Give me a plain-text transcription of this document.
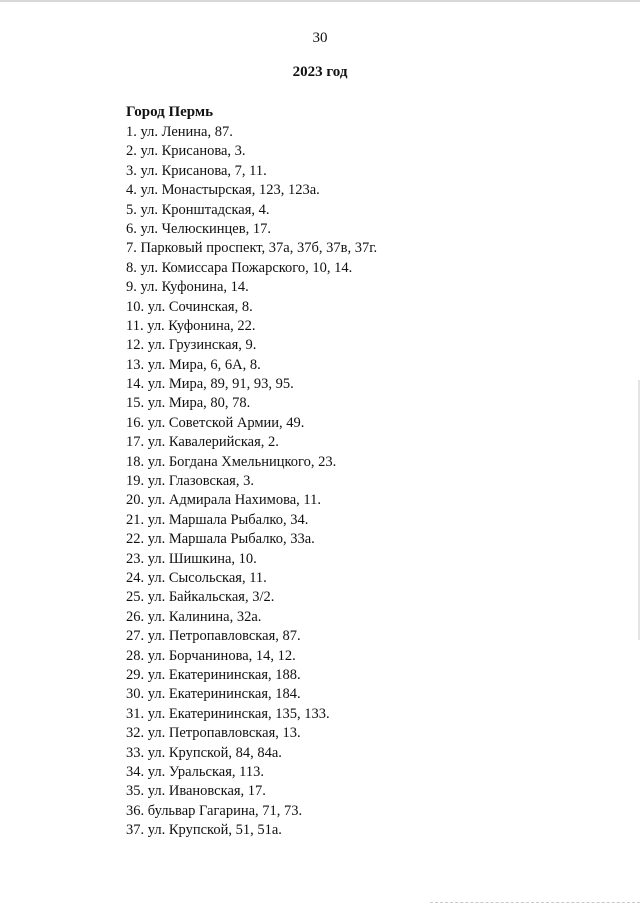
30
2023 год
Город Пермь
1. ул. Ленина, 87.
2. ул. Крисанова, 3.
3. ул. Крисанова, 7, 11.
4. ул. Монастырская, 123, 123а.
5. ул. Кронштадская, 4.
6. ул. Челюскинцев, 17.
7. Парковый проспект, 37а, 37б, 37в, 37г.
8. ул. Комиссара Пожарского, 10, 14.
9. ул. Куфонина, 14.
10. ул. Сочинская, 8.
11. ул. Куфонина, 22.
12. ул. Грузинская, 9.
13. ул. Мира, 6, 6А, 8.
14. ул. Мира, 89, 91, 93, 95.
15. ул. Мира, 80, 78.
16. ул. Советской Армии, 49.
17. ул. Кавалерийская, 2.
18. ул. Богдана Хмельницкого, 23.
19. ул. Глазовская, 3.
20. ул. Адмирала Нахимова, 11.
21. ул. Маршала Рыбалко, 34.
22. ул. Маршала Рыбалко, 33а.
23. ул. Шишкина, 10.
24. ул. Сысольская, 11.
25. ул. Байкальская, 3/2.
26. ул. Калинина, 32а.
27. ул. Петропавловская, 87.
28. ул. Борчанинова, 14, 12.
29. ул. Екатерининская, 188.
30. ул. Екатерининская, 184.
31. ул. Екатерининская, 135, 133.
32. ул. Петропавловская, 13.
33. ул. Крупской, 84, 84а.
34. ул. Уральская, 113.
35. ул. Ивановская, 17.
36. бульвар Гагарина, 71, 73.
37. ул. Крупской, 51, 51а.
